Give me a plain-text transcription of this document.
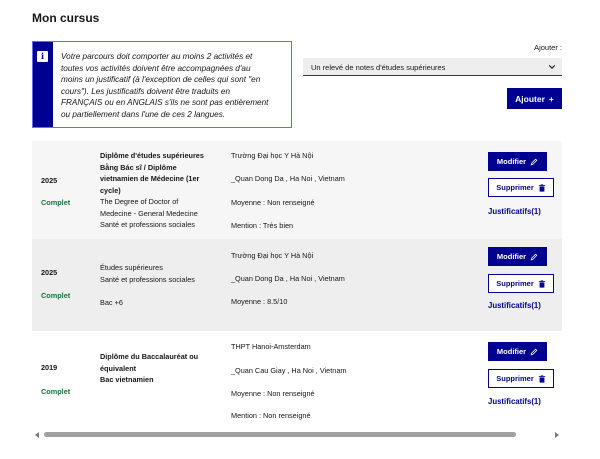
Mon cursus
i	Votre parcours doit comporter au moins 2 activités et
toutes vos activités doivent être accompagnées d'au
moins un justificatif (à l'exception de celles qui sont "en
cours"). Les justificatifs doivent être traduits en
FRANÇAIS ou en ANGLAIS s'ils ne sont pas entièrement
ou partiellement dans l'une de ces 2 langues.
Ajouter :
Un relevé de notes d'études supérieures
Ajouter +
2025
Complet
Diplôme d'études supérieures
Bằng Bác sĩ / Diplôme
vietnamien de Médecine (1er
cycle)
The Degree of Doctor of
Medecine - General Medecine
Santé et professions sociales
Trường Đại học Y Hà Nội
_Quan Dong Da , Ha Noi , Vietnam
Moyenne : Non renseigné
Mention : Très bien
Modifier
Supprimer
Justificatifs(1)
2025
Complet
Études supérieures
Santé et professions sociales
Bac +6
Trường Đại học Y Hà Nội
_Quan Dong Da , Ha Noi , Vietnam
Moyenne : 8.5/10
Modifier
Supprimer
Justificatifs(1)
2019
Complet
Diplôme du Baccalauréat ou
équivalent
Bac vietnamien
THPT Hanoi-Amsterdam
_Quan Cau Giay , Ha Noi , Vietnam
Moyenne : Non renseigné
Mention : Non renseigné
Modifier
Supprimer
Justificatifs(1)
